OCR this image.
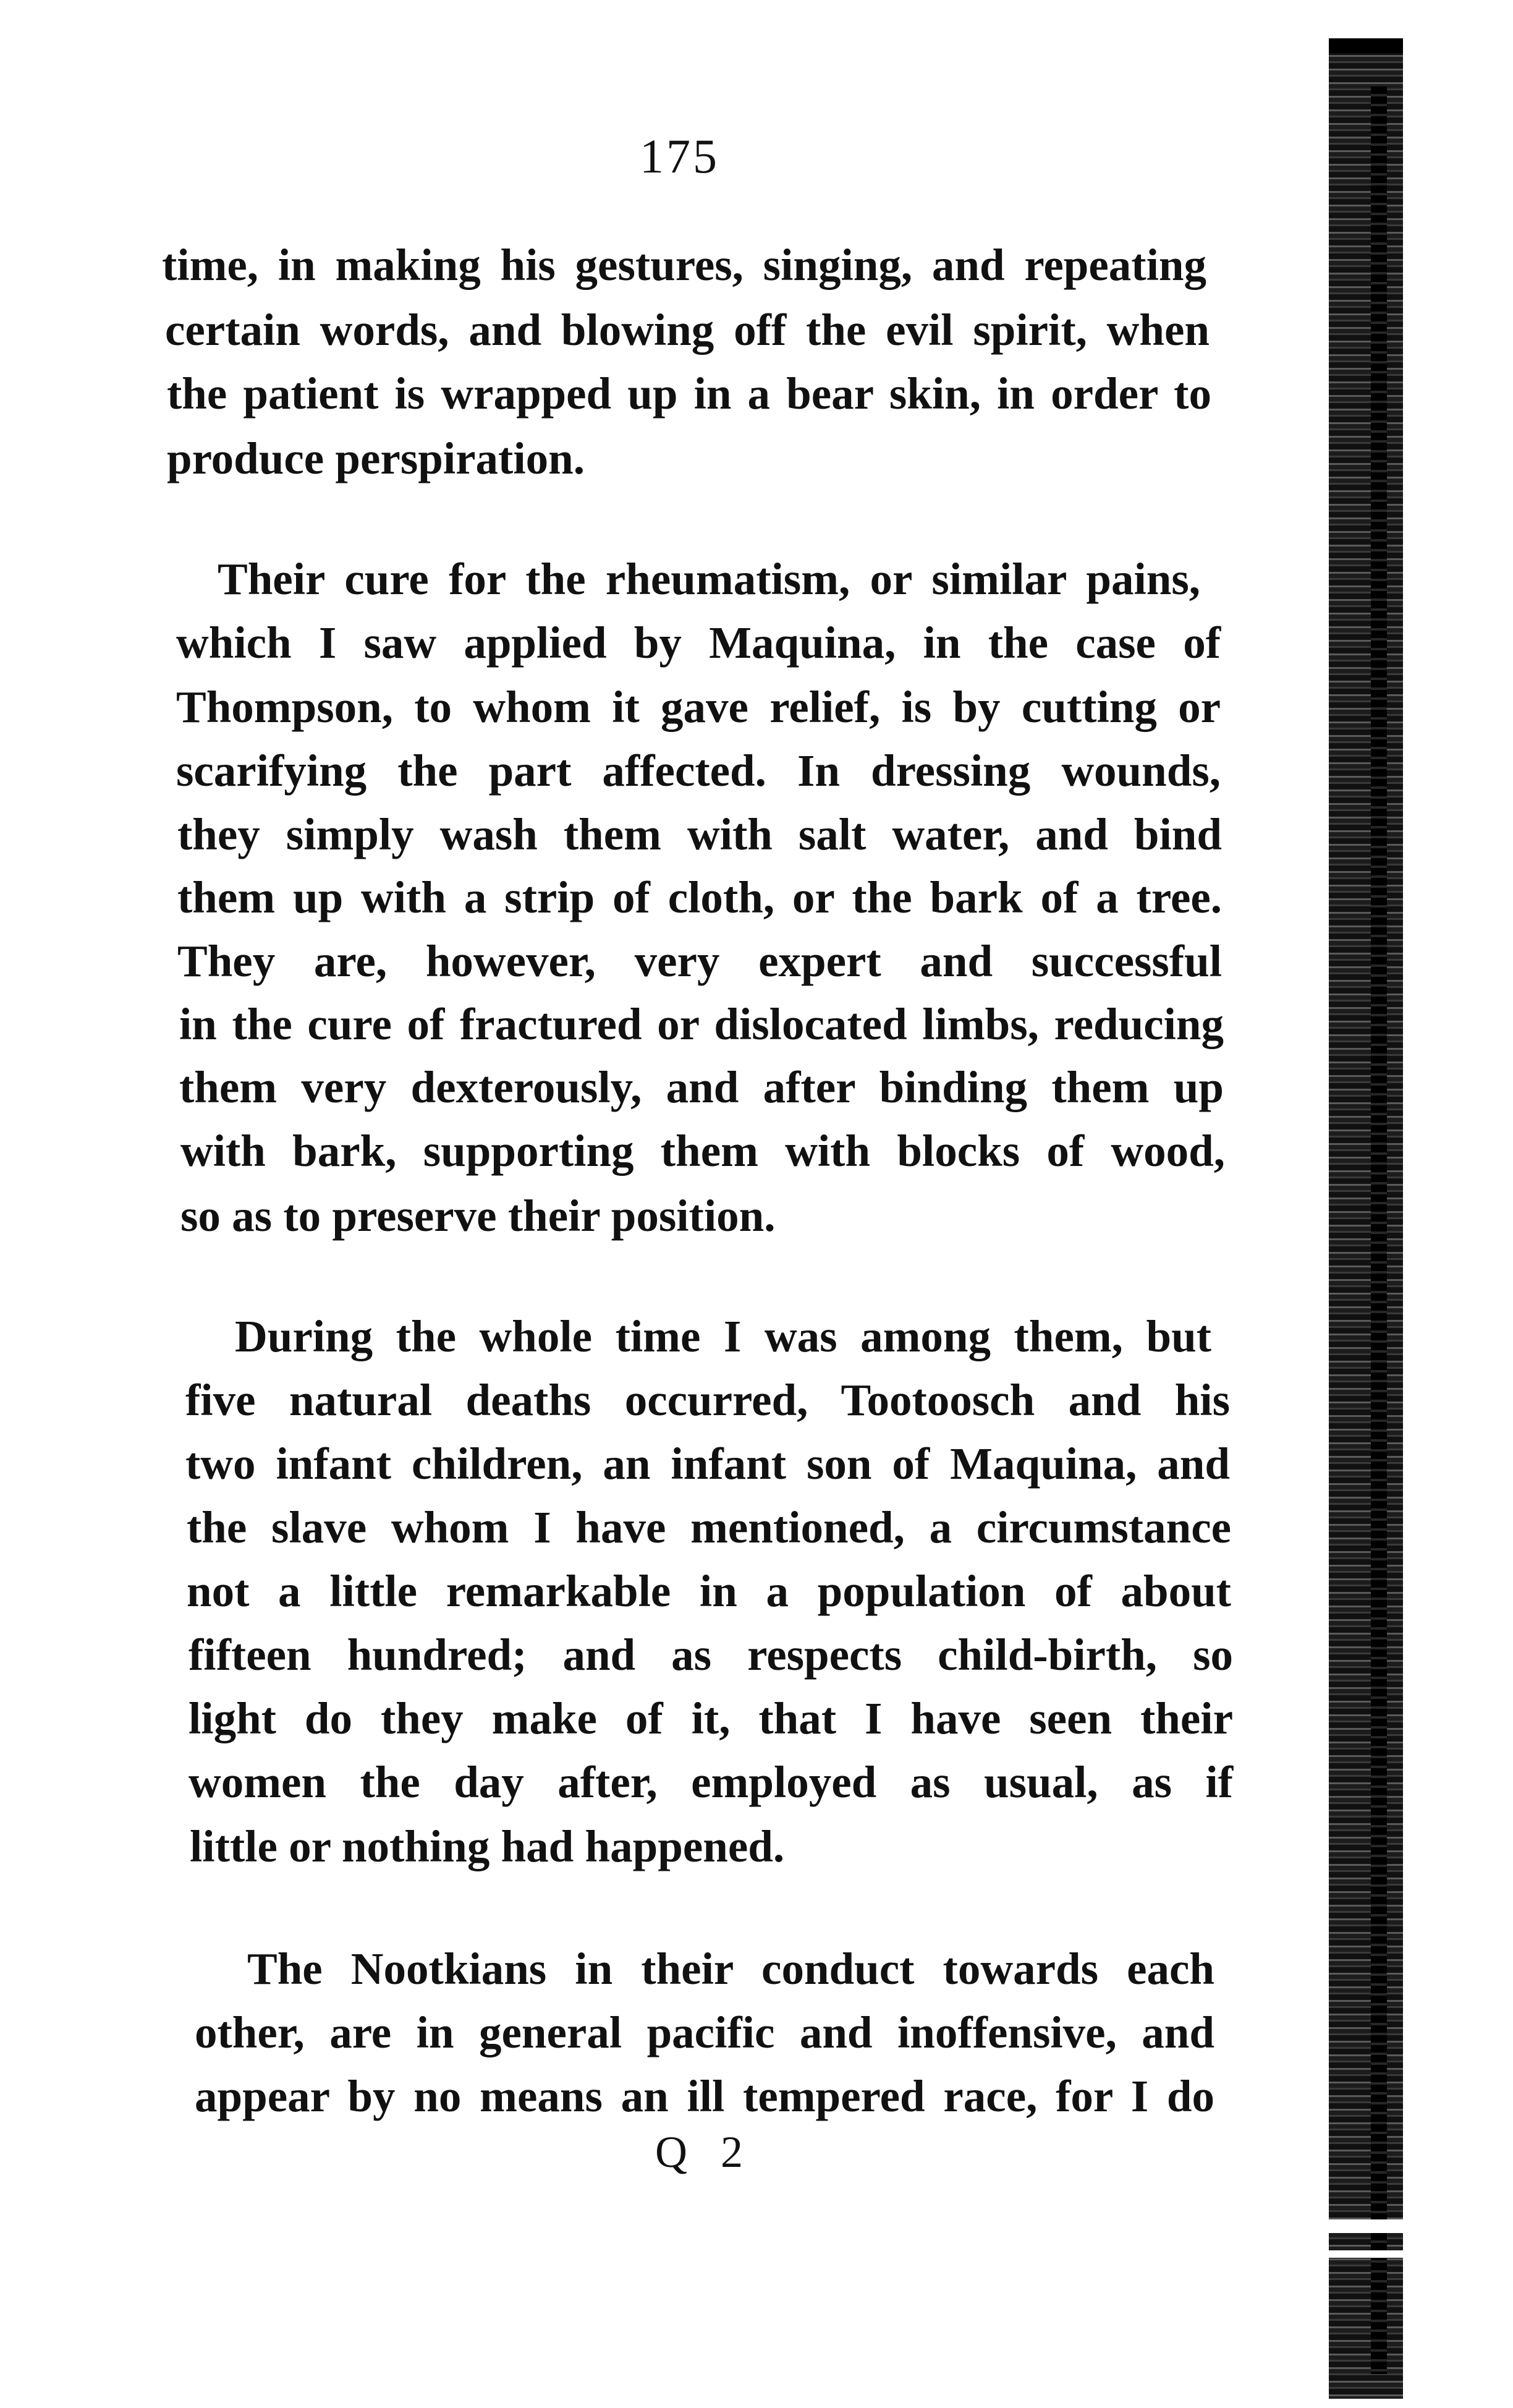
175
time, in making his gestures, singing, and repeating
certain words, and blowing off the evil spirit, when
the patient is wrapped up in a bear skin, in order to
produce perspiration.
Their cure for the rheumatism, or similar pains,
which I saw applied by Maquina, in the case of
Thompson, to whom it gave relief, is by cutting or
scarifying the part affected. In dressing wounds,
they simply wash them with salt water, and bind
them up with a strip of cloth, or the bark of a tree.
They are, however, very expert and successful
in the cure of fractured or dislocated limbs, reducing
them very dexterously, and after binding them up
with bark, supporting them with blocks of wood,
so as to preserve their position.
During the whole time I was among them, but
five natural deaths occurred, Tootoosch and his
two infant children, an infant son of Maquina, and
the slave whom I have mentioned, a circumstance
not a little remarkable in a population of about
fifteen hundred; and as respects child-birth, so
light do they make of it, that I have seen their
women the day after, employed as usual, as if
little or nothing had happened.
The Nootkians in their conduct towards each
other, are in general pacific and inoffensive, and
appear by no means an ill tempered race, for I do
Q 2
